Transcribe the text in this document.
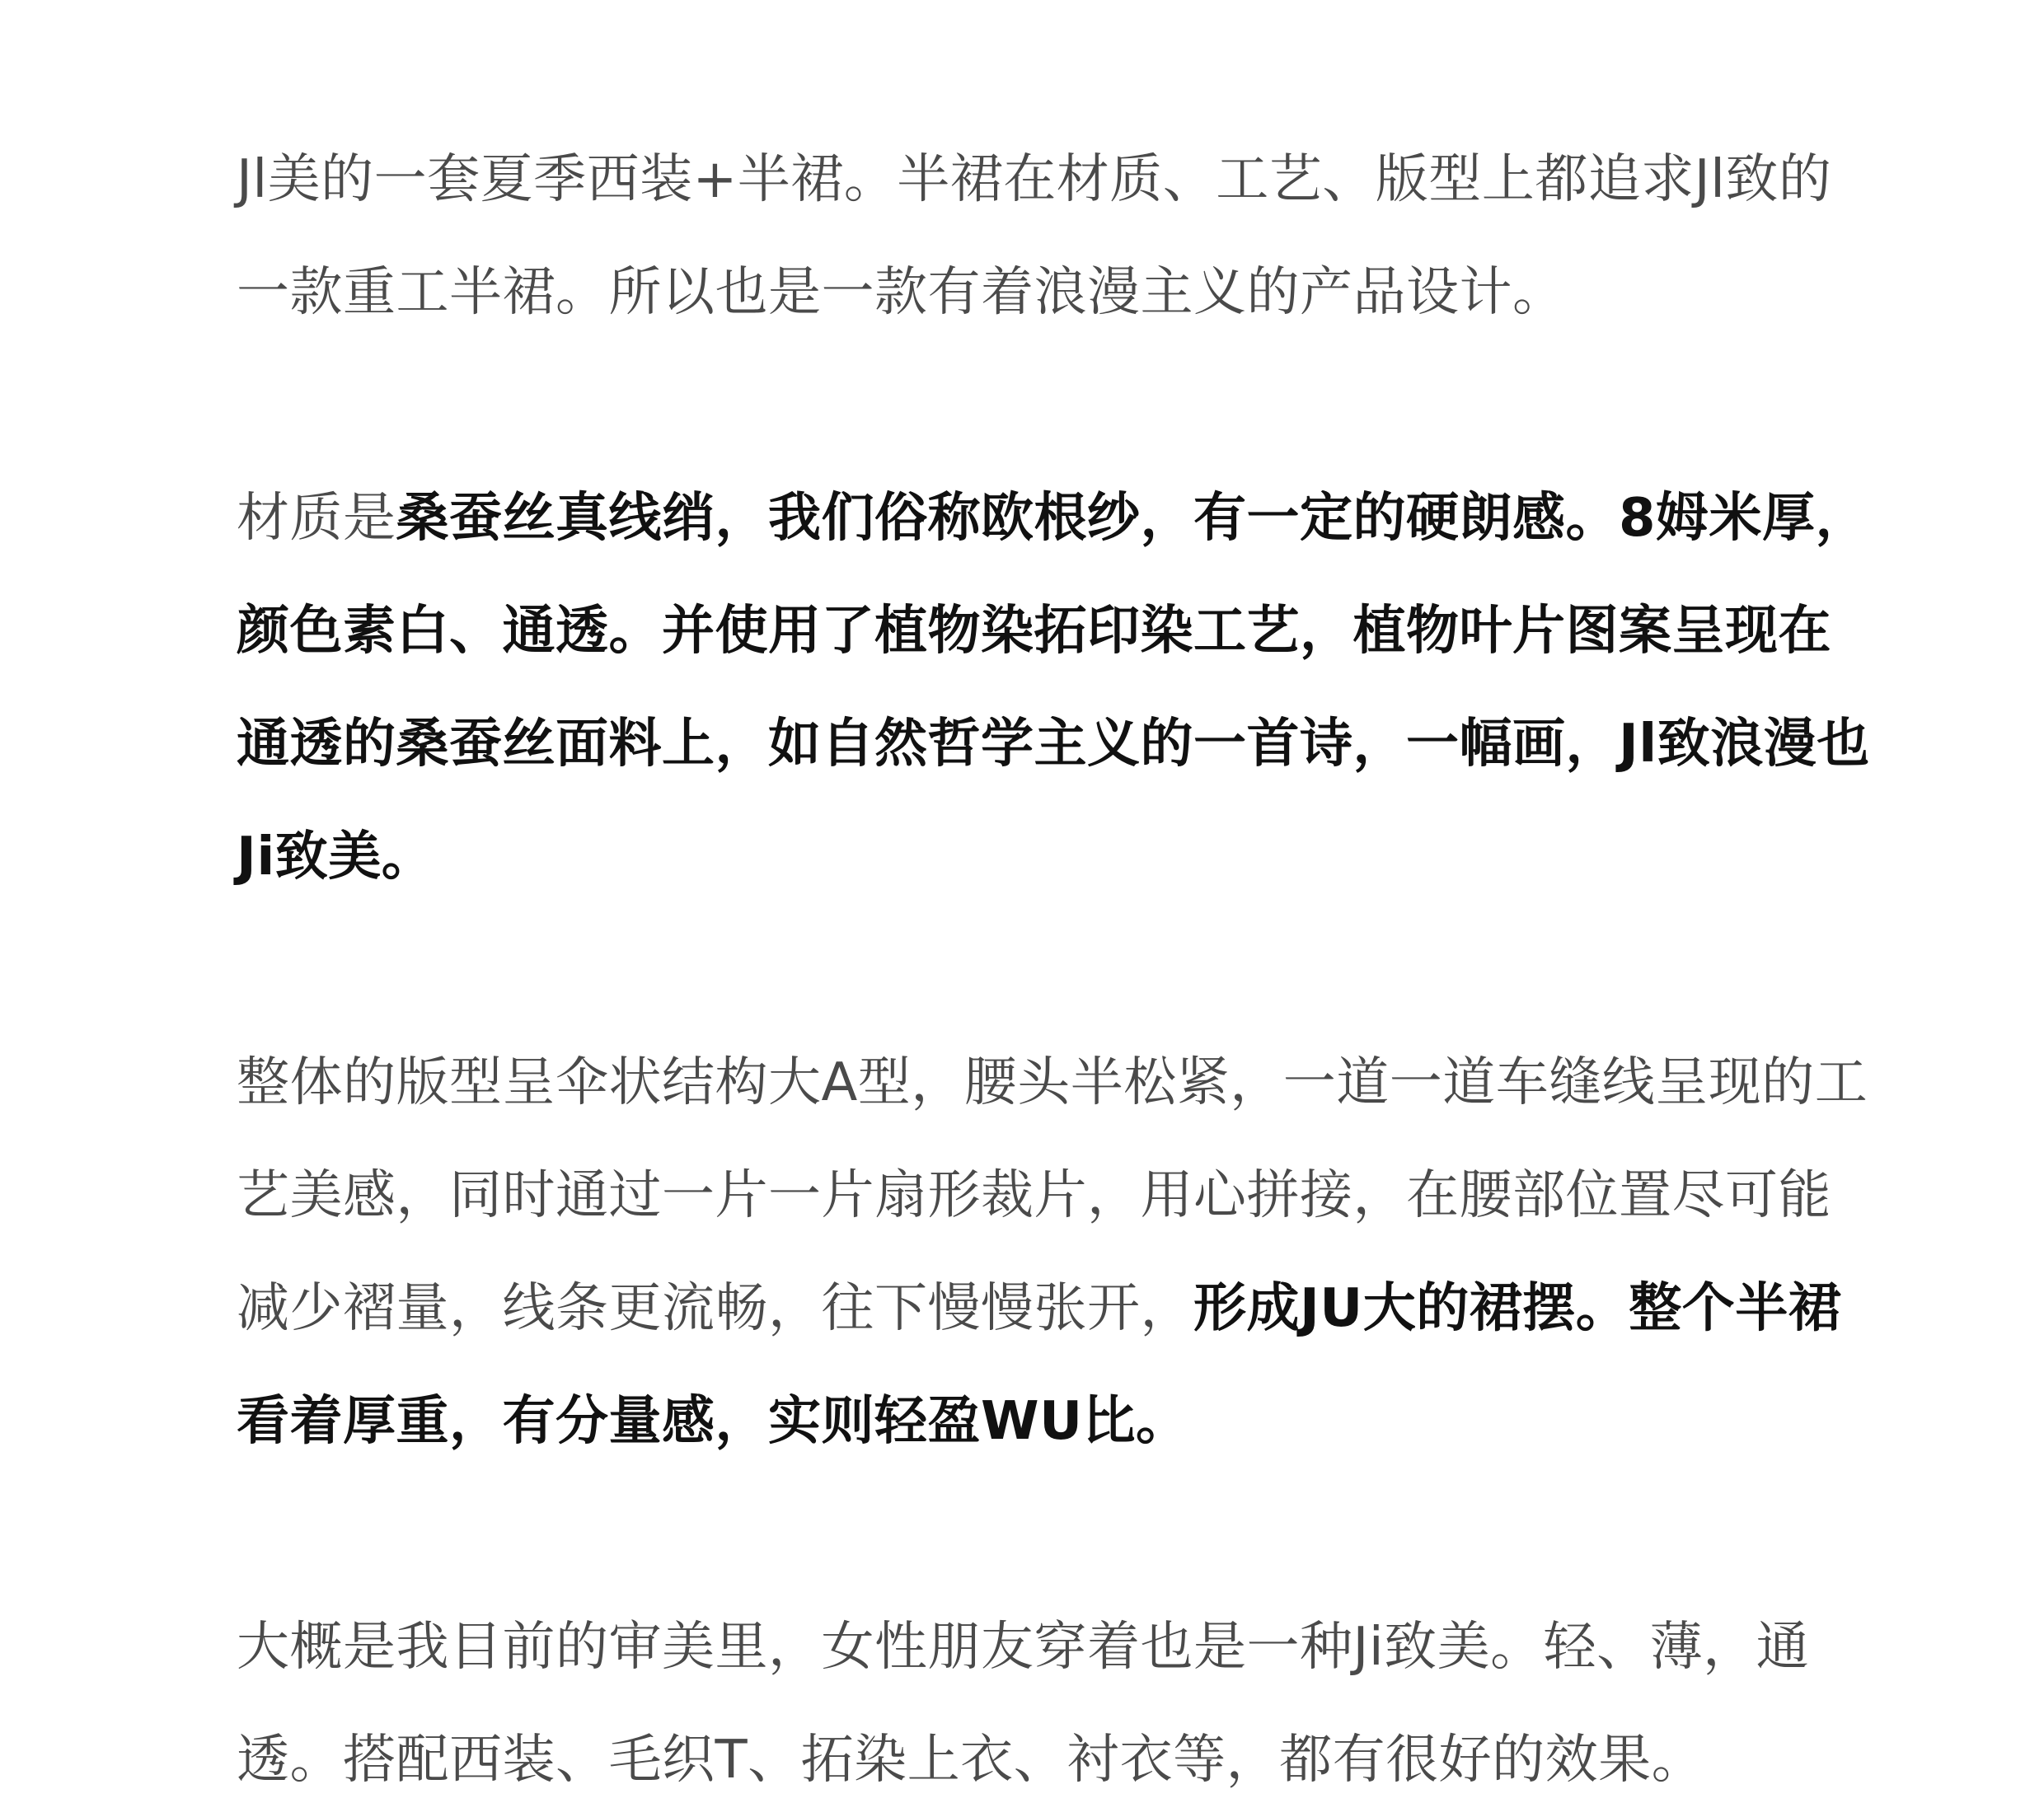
Jl美的一套夏季西装+半裙。半裙在材质、工艺、版型上都追求Jl致的一款重工半裙。所以也是一款有着浪漫主义的产品设计。

材质是桑蚕丝真线绡，我们俗称欧根纱，有一定的硬朗感。8姆米厚，颜色素白、通透。并使用了植物染拓印染工艺，植物叶片图案呈现在通透的桑蚕丝面料上，如自然哲学主义的一首诗，一幅画，Jl致浪漫也Ji致美。

整体的版型呈伞状结构大A型，腰头半松紧，一道一道车缝线呈现的工艺美感，同时通过一片一片扇形裁片，用心拼接，在腰部位置尽可能减少褶量，线条更流畅，往下慢慢张开，形成JU大的裙摆。整个半裙看着厚重，有分量感，实则轻盈WU比。

大概是我目前的审美里，女性朋友穿着也是一种Ji致美。轻、薄，通透。搭配西装、毛织T、拓染上衣、衬衣等，都有很好的效果。
